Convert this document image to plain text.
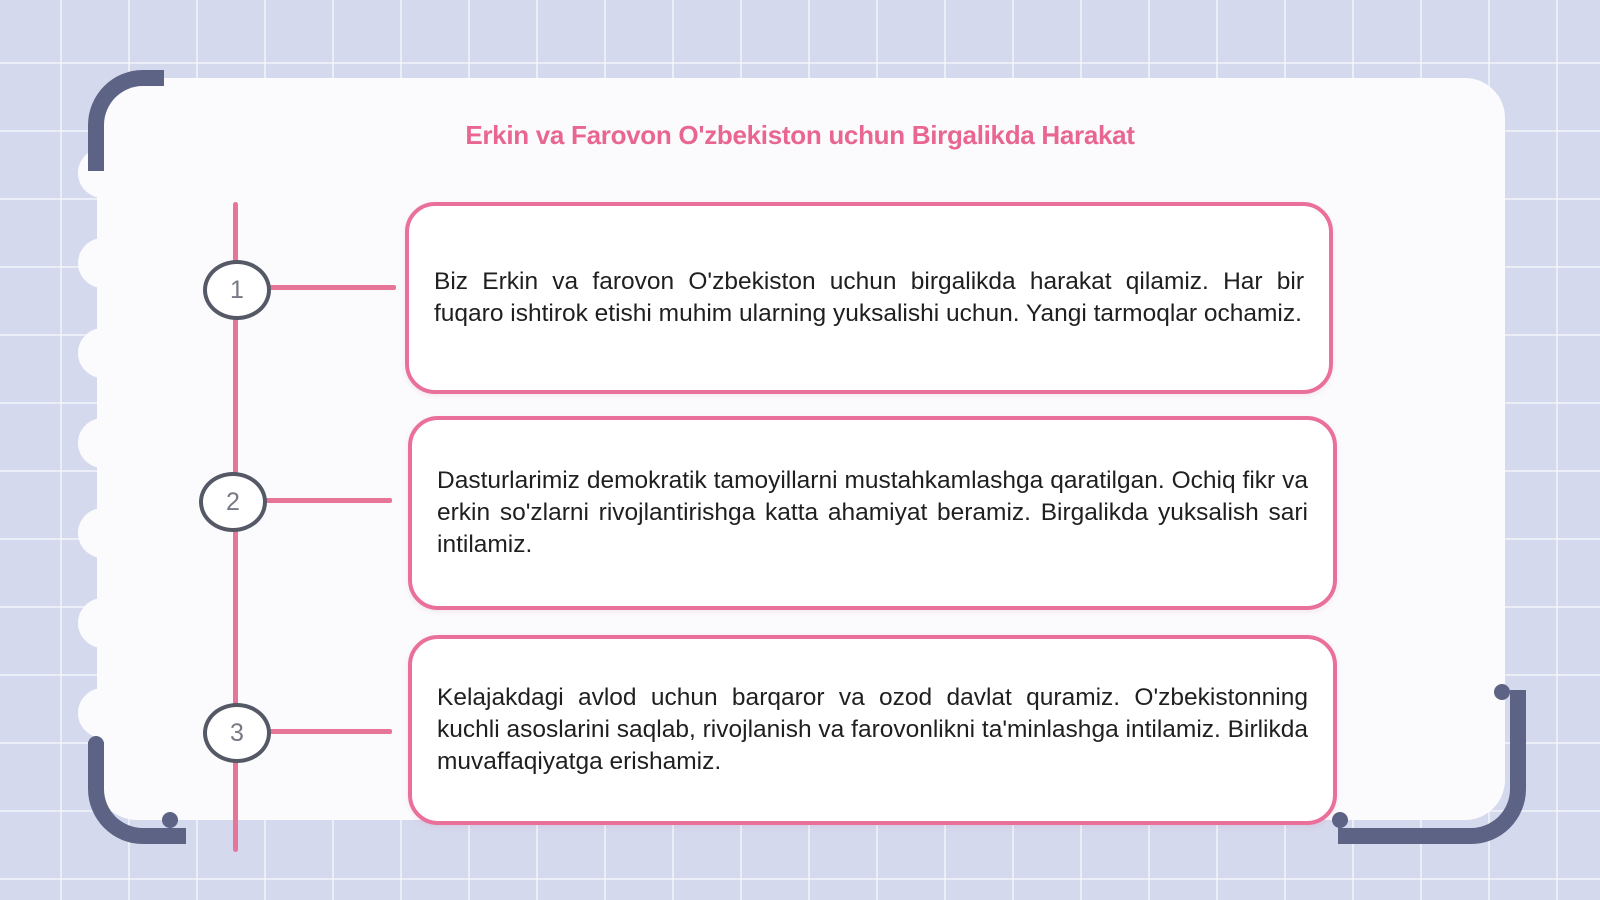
Erkin va Farovon O'zbekiston uchun Birgalikda Harakat
1
2
3

Biz Erkin va farovon O'zbekiston uchun birgalikda harakat qilamiz. Har bir fuqaro ishtirok etishi muhim ularning yuksalishi uchun. Yangi tarmoqlar ochamiz.

Dasturlarimiz demokratik tamoyillarni mustahkamlashga qaratilgan. Ochiq fikr va erkin so'zlarni rivojlantirishga katta ahamiyat beramiz. Birgalikda yuksalish sari intilamiz.

Kelajakdagi avlod uchun barqaror va ozod davlat quramiz. O'zbekistonning kuchli asoslarini saqlab, rivojlanish va farovonlikni ta'minlashga intilamiz. Birlikda muvaffaqiyatga erishamiz.
